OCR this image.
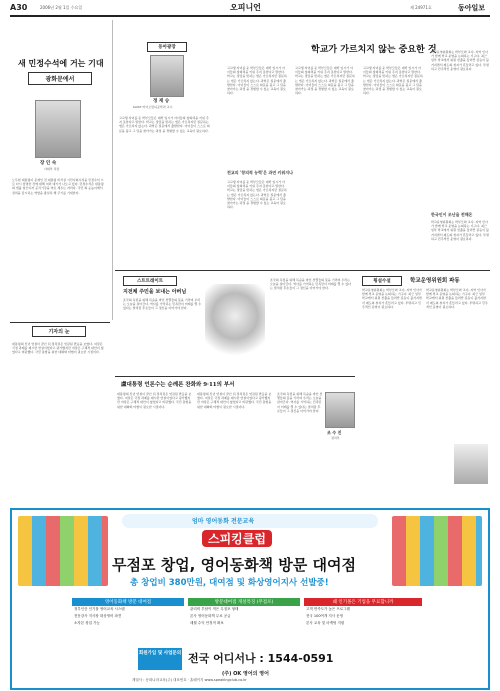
A30	2006년 2월 1일 수요일	오피니언	제 24971호	동아일보
새 민정수석에 거는 기대
광화문에서
장 인 숙
사회부 차장
노무현 대통령이 문재인 전 대통령 비서실 시민사회수석을 민정수석 으로 다시 임명한 것에 대해 여러 얘기가 나오고 있다. 민정수석은 대통령의 법률 참모이자 공직기강을 바로 세우는 자리다. 국민 의 눈높이에서 권력을 감시하는 역할을 충실히 해 주기를 기대한다.
동아광장
정 재 승
KAIST 바이오및뇌공학과 교수
학교가 가르치지 않는 중요한 것
고교생 자녀를 둔 학부모들은 대학 입시가 아이들의 창의력을 키워 주지 못한다고 말한다. 학교는 정답을 맞히는 법은 가르치지만 질문하는 법은 가르치지 않는다. 과학은 질문에서 출발한다. 아이들이 스스로 의문을 품고 그 답을 찾아가는 과정 을 경험할 수 있는 교육이 필요하다.
전교의 '창의적 능력'은 과연 키워지나
고교생 자녀를 둔 학부모들은 대학 입시가 아이들의 창의력을 키워 주지 못한다고 말한다. 학교는 정답을 맞히는 법은 가르치지만 질문하는 법은 가르치지 않는다. 과학은 질문에서 출발한다. 아이들이 스스로 의문을 품고 그 답을 찾아가는 과정 을 경험할 수 있는 교육이 필요하다.
고교생 자녀를 둔 학부모들은 대학 입시가 아이들의 창의력을 키워 주지 못한다고 말한다. 학교는 정답을 맞히는 법은 가르치지만 질문하는 법은 가르치지 않는다. 과학은 질문에서 출발한다. 아이들이 스스로 의문을 품고 그 답을 찾아가는 과정 을 경험할 수 있는 교육이 필요하다.
고교생 자녀를 둔 학부모들은 대학 입시가 아이들의 창의력을 키워 주지 못한다고 말한다. 학교는 정답을 맞히는 법은 가르치지만 질문하는 법은 가르치지 않는다. 과학은 질문에서 출발한다. 아이들이 스스로 의문을 품고 그 답을 찾아가는 과정 을 경험할 수 있는 교육이 필요하다.
고교생 자녀를 둔 학부모들은 대학 입시가 아이들의 창의력을 키워 주지 못한다고 말한다. 학교는 정답을 맞히는 법은 가르치지만 질문하는 법은 가르치지 않는다. 과학은 질문에서 출발한다. 아이들이 스스로 의문을 품고 그 답을 찾아가는 과정 을 경험할 수 있는 교육이 필요하다.
한국인이 조난을 전해온
학교운영위원회는 학부모와 교사, 지역 인사가 함께 학교 운영을 논의하는 기구다. 최근 일부 학교에서 위원 선출을 둘러싼 갈등이 불거지면서 제도의 취지가 흔들리고 있다. 투명하고 민주적인 운영이 필요하다.
학교운영위원회는 학부모와 교사, 지역 인사가 함께 학교 운영을 논의하는 기구다. 최근 일부 학교에서 위원 선출을 둘러싼 갈등이 불거지면서 제도의 취지가 흔들리고 있다. 투명하고 민주적인 운영이 필요하다.
스트트레이트
지전체 주민을 보내는 아버님
조국의 독립을 위해 목숨을 바친 선열들의 뜻을 기리며 우리는 오늘을 살아간다. 역사를 기억하는 민족만이 미래를 열 수 있다는 말처럼 후손들이 그 정신을 이어가야 한다.
조국의 독립을 위해 목숨을 바친 선열들의 뜻을 기리며 우리는 오늘을 살아간다. 역사를 기억하는 민족만이 미래를 열 수 있다는 말처럼 후손들이 그 정신을 이어가야 한다.
횡설수설	학교운영위원회 파동
학교운영위원회는 학부모와 교사, 지역 인사가 함께 학교 운영을 논의하는 기구다. 최근 일부 학교에서 위원 선출을 둘러싼 갈등이 불거지면서 제도의 취지가 흔들리고 있다. 투명하고 민주적인 운영이 필요하다.
학교운영위원회는 학부모와 교사, 지역 인사가 함께 학교 운영을 논의하는 기구다. 최근 일부 학교에서 위원 선출을 둘러싼 갈등이 불거지면서 제도의 취지가 흔들리고 있다. 투명하고 민주적인 운영이 필요하다.
기자의 눈
대통령의 신년 연설이 끝난 뒤 정치권은 엇갈린 반응을 보였다. 여당은 국정 과제를 제시한 연설이었다고 평가했지만 야당은 구체적 대안이 없었다고 비판했다. 국민 통합을 위한 대화와 타협이 필요한 시점이다.
盧대통령 언론수는 순례론 찬화와 9·11의 부서
대통령의 신년 연설이 끝난 뒤 정치권은 엇갈린 반응을 보였다. 여당은 국정 과제를 제시한 연설이었다고 평가했지만 야당은 구체적 대안이 없었다고 비판했다. 국민 통합을 위한 대화와 타협이 필요한 시점이다.
대통령의 신년 연설이 끝난 뒤 정치권은 엇갈린 반응을 보였다. 여당은 국정 과제를 제시한 연설이었다고 평가했지만 야당은 구체적 대안이 없었다고 비판했다. 국민 통합을 위한 대화와 타협이 필요한 시점이다.
조국의 독립을 위해 목숨을 바친 선열들의 뜻을 기리며 우리는 오늘을 살아간다. 역사를 기억하는 민족만이 미래를 열 수 있다는 말처럼 후손들이 그 정신을 이어가야 한다.
조 수 진
정치부
엄마 영어동화 전문교육
스피킹클럽
무점포 창업, 영어동화책 방문 대여점
총 창업비 380만원, 대여점 및 화상영어지사 선발중!
영어동화책 방문 대여점
정부인증 인기몰 영어교육 시스템
전문강사 지사장 화상영어 파견
소자본 창업 가능
방문대여점 개설특징 (무점포)
관리비 부담이 적은 무점포 형태
본사 영어동화책 무료 공급
매월 수익 안정적 확보
왜 인기몰은 기업을 무료합니까
고객 만족도가 높은 프로그램
전국 100여개 지사 운영
본사 교육 및 마케팅 지원
회원가입 및 사업문의 전국 어디서나 : 1544-0591
(주) OK 영어의 영어
계열사 : 동화나라교육(주) 대표번호 · 홈페이지 www.speakingclub.co.kr
